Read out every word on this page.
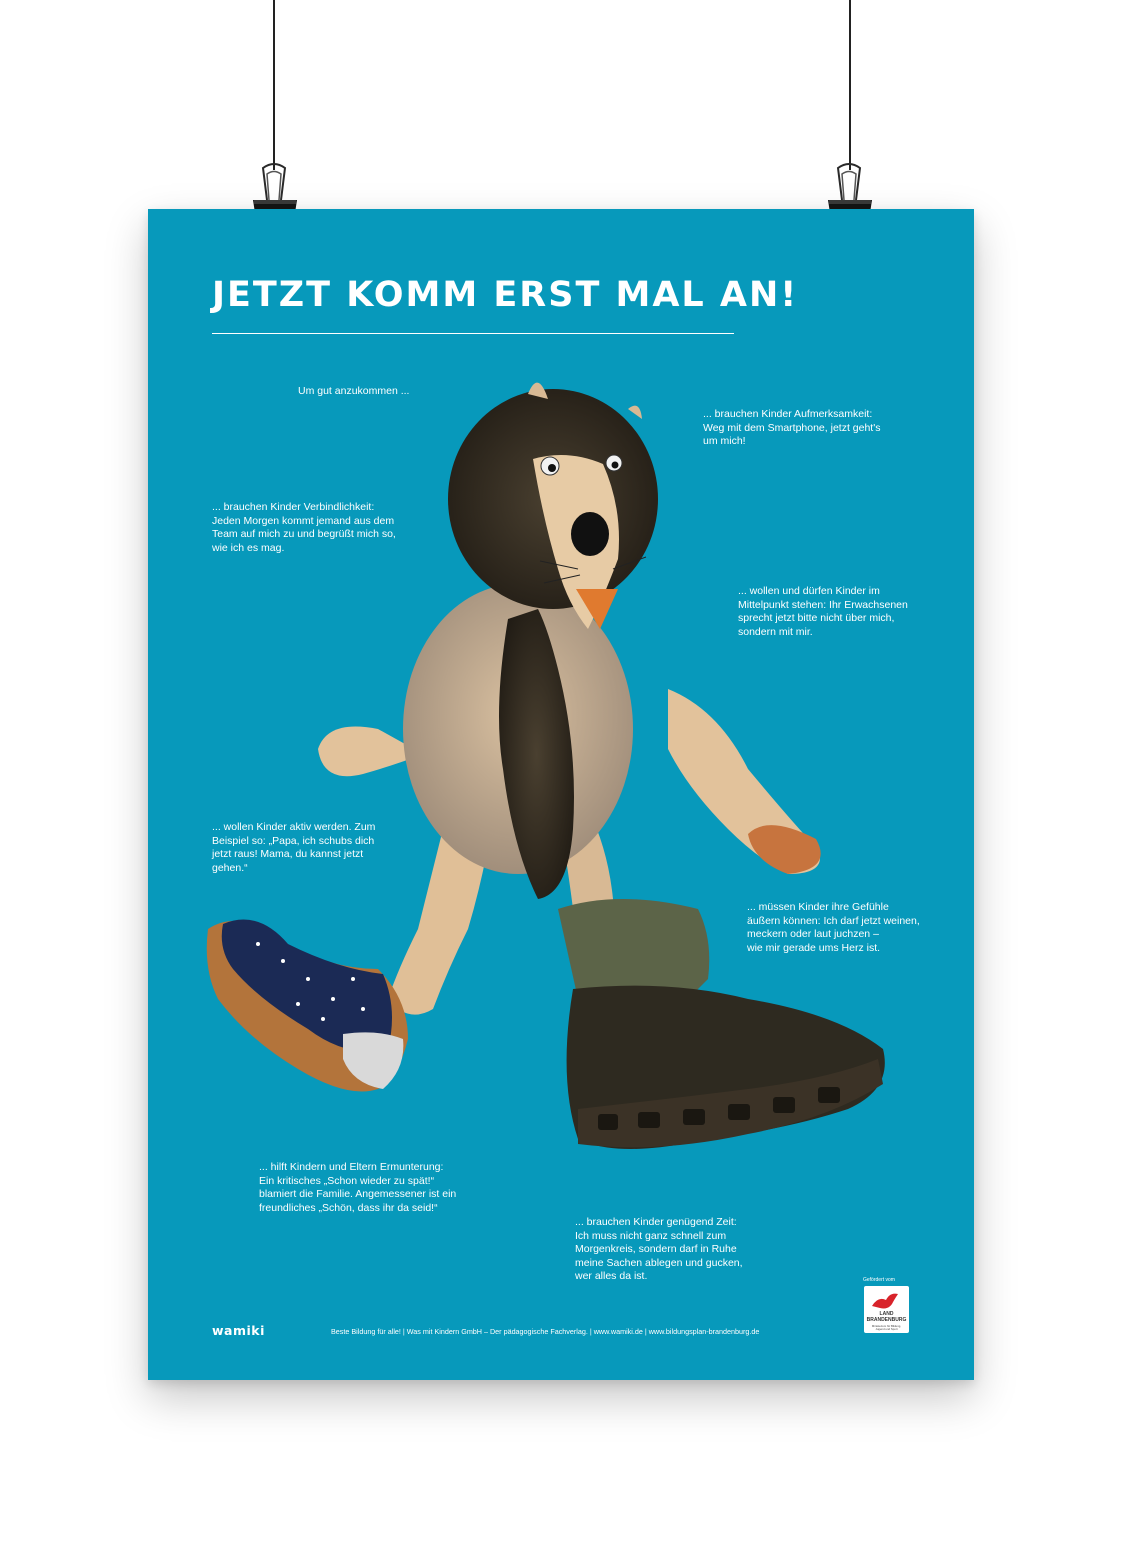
JETZT KOMM ERST MAL AN!
Um gut anzukommen ...
... brauchen Kinder Aufmerksamkeit:
Weg mit dem Smartphone, jetzt geht's
um mich!
... brauchen Kinder Verbindlichkeit:
Jeden Morgen kommt jemand aus dem
Team auf mich zu und begrüßt mich so,
wie ich es mag.
... wollen und dürfen Kinder im
Mittelpunkt stehen: Ihr Erwachsenen
sprecht jetzt bitte nicht über mich,
sondern mit mir.
... wollen Kinder aktiv werden. Zum
Beispiel so: „Papa, ich schubs dich
jetzt raus! Mama, du kannst jetzt
gehen.“
... müssen Kinder ihre Gefühle
äußern können: Ich darf jetzt weinen,
meckern oder laut juchzen –
wie mir gerade ums Herz ist.
... hilft Kindern und Eltern Ermunterung:
Ein kritisches „Schon wieder zu spät!“
blamiert die Familie. Angemessener ist ein
freundliches „Schön, dass ihr da seid!“
... brauchen Kinder genügend Zeit:
Ich muss nicht ganz schnell zum
Morgenkreis, sondern darf in Ruhe
meine Sachen ablegen und gucken,
wer alles da ist.
wamiki	Beste Bildung für alle! | Was mit Kindern GmbH – Der pädagogische Fachverlag. | www.wamiki.de | www.bildungsplan-brandenburg.de
Gefördert vom
LAND
BRANDENBURG
Ministerium für Bildung,
Jugend und Sport
